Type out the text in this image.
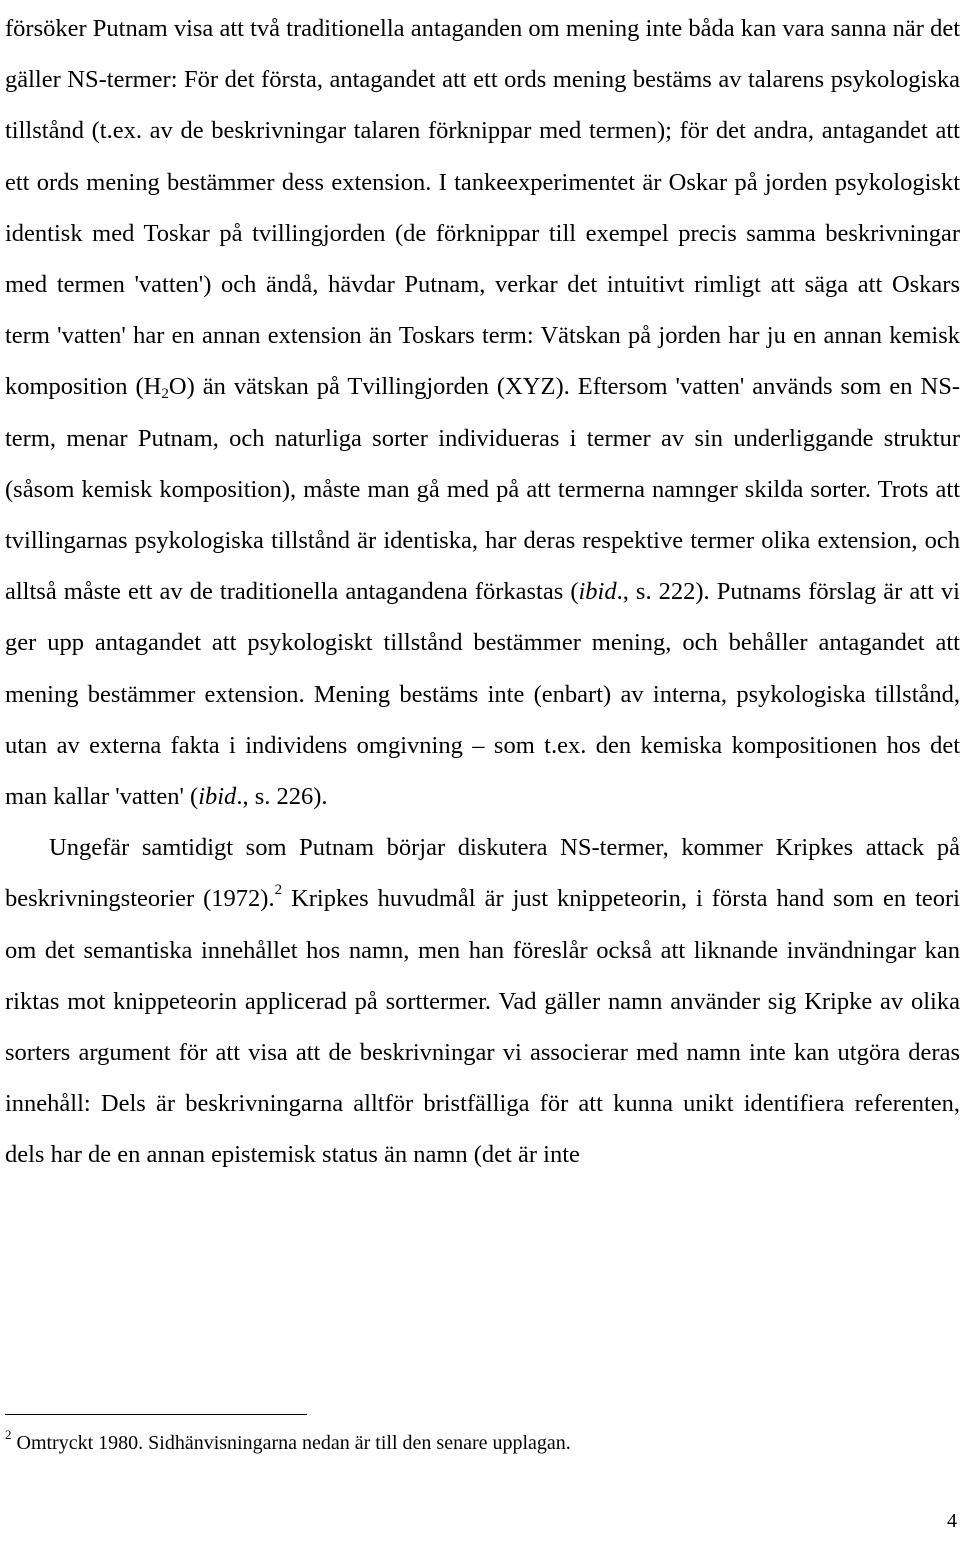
försöker Putnam visa att två traditionella antaganden om mening inte båda kan vara sanna när det gäller NS-termer: För det första, antagandet att ett ords mening bestäms av talarens psykologiska tillstånd (t.ex. av de beskrivningar talaren förknippar med termen); för det andra, antagandet att ett ords mening bestämmer dess extension. I tankeexperimentet är Oskar på jorden psykologiskt identisk med Toskar på tvillingjorden (de förknippar till exempel precis samma beskrivningar med termen 'vatten') och ändå, hävdar Putnam, verkar det intuitivt rimligt att säga att Oskars term 'vatten' har en annan extension än Toskars term: Vätskan på jorden har ju en annan kemisk komposition $(H_2O)$ än vätskan på Tvillingjorden (XYZ). Eftersom 'vatten' används som en NS-term, menar Putnam, och naturliga sorter individueras i termer av sin underliggande struktur (såsom kemisk komposition), måste man gå med på att termerna namnger skilda sorter. Trots att tvillingarnas psykologiska tillstånd är identiska, har deras respektive termer olika extension, och alltså måste ett av de traditionella antagandena förkastas (ibid., s. 222). Putnams förslag är att vi ger upp antagandet att psykologiskt tillstånd bestämmer mening, och behåller antagandet att mening bestämmer extension. Mening bestäms inte (enbart) av interna, psykologiska tillstånd, utan av externa fakta i individens omgivning – som t.ex. den kemiska kompositionen hos det man kallar 'vatten' (ibid., s. 226).

Ungefär samtidigt som Putnam börjar diskutera NS-termer, kommer Kripkes attack på beskrivningsteorier (1972).$^2$ Kripkes huvudmål är just knippeteorin, i första hand som en teori om det semantiska innehållet hos namn, men han föreslår också att liknande invändningar kan riktas mot knippeteorin applicerad på sorttermer. Vad gäller namn använder sig Kripke av olika sorters argument för att visa att de beskrivningar vi associerar med namn inte kan utgöra deras innehåll: Dels är beskrivningarna alltför bristfälliga för att kunna unikt identifiera referenten, dels har de en annan epistemisk status än namn (det är inte

$^2$ Omtryckt 1980. Sidhänvisningarna nedan är till den senare upplagan.
4
